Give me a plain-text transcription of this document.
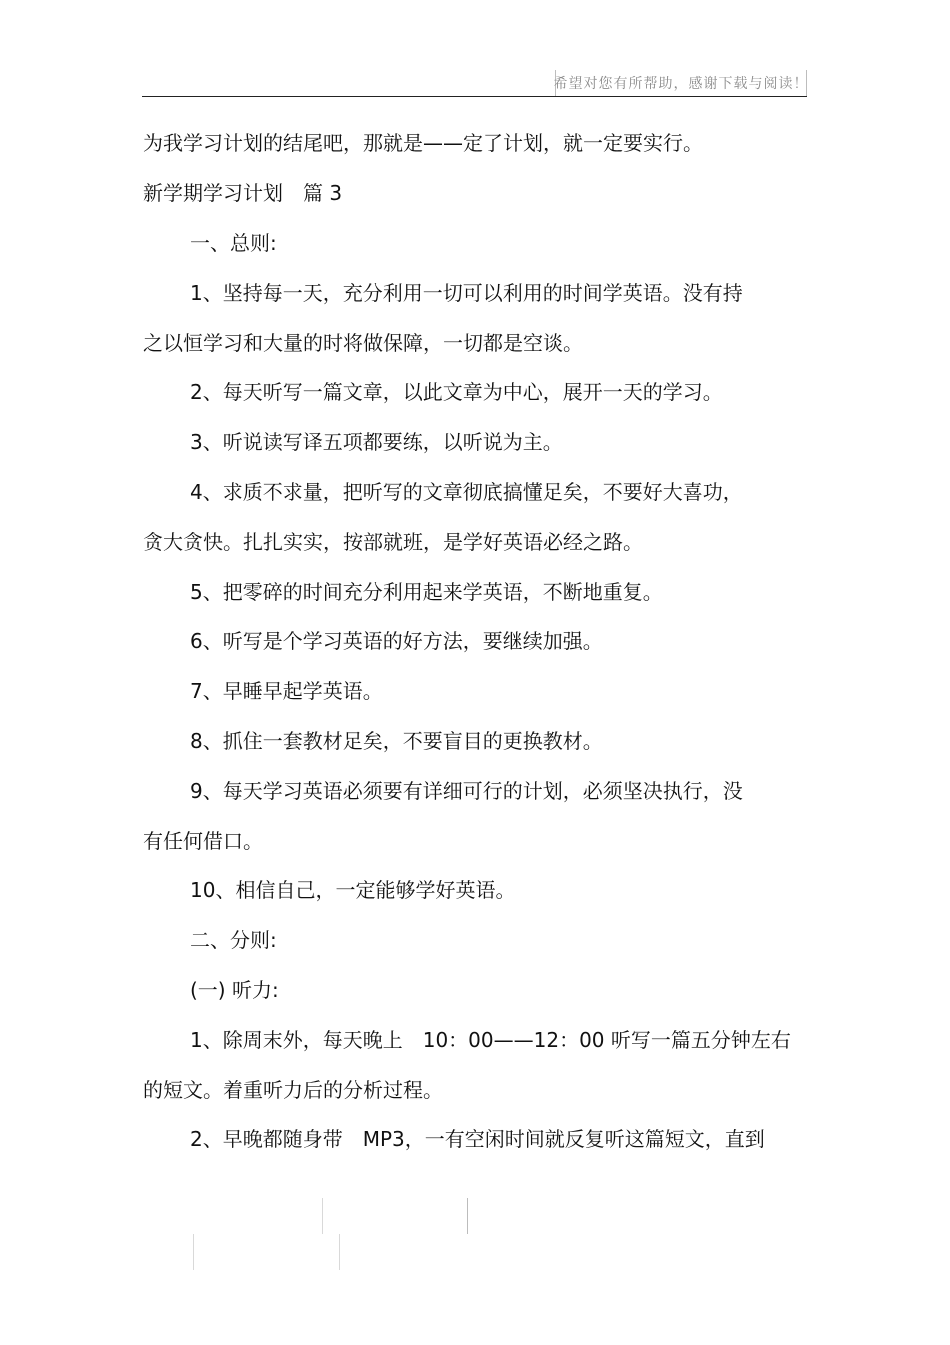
希望对您有所帮助，感谢下载与阅读！
为我学习计划的结尾吧，那就是——定了计划，就一定要实行。
新学期学习计划　篇 3
一、总则:
1、坚持每一天，充分利用一切可以利用的时间学英语。没有持
之以恒学习和大量的时将做保障，一切都是空谈。
2、每天听写一篇文章，以此文章为中心，展开一天的学习。
3、听说读写译五项都要练，以听说为主。
4、求质不求量，把听写的文章彻底搞懂足矣，不要好大喜功，
贪大贪快。扎扎实实，按部就班，是学好英语必经之路。
5、把零碎的时间充分利用起来学英语，不断地重复。
6、听写是个学习英语的好方法，要继续加强。
7、早睡早起学英语。
8、抓住一套教材足矣，不要盲目的更换教材。
9、每天学习英语必须要有详细可行的计划，必须坚决执行，没
有任何借口。
10、相信自己，一定能够学好英语。
二、分则:
(一) 听力:
1、除周末外，每天晚上　10：00——12：00 听写一篇五分钟左右
的短文。着重听力后的分析过程。
2、早晚都随身带　MP3，一有空闲时间就反复听这篇短文，直到
